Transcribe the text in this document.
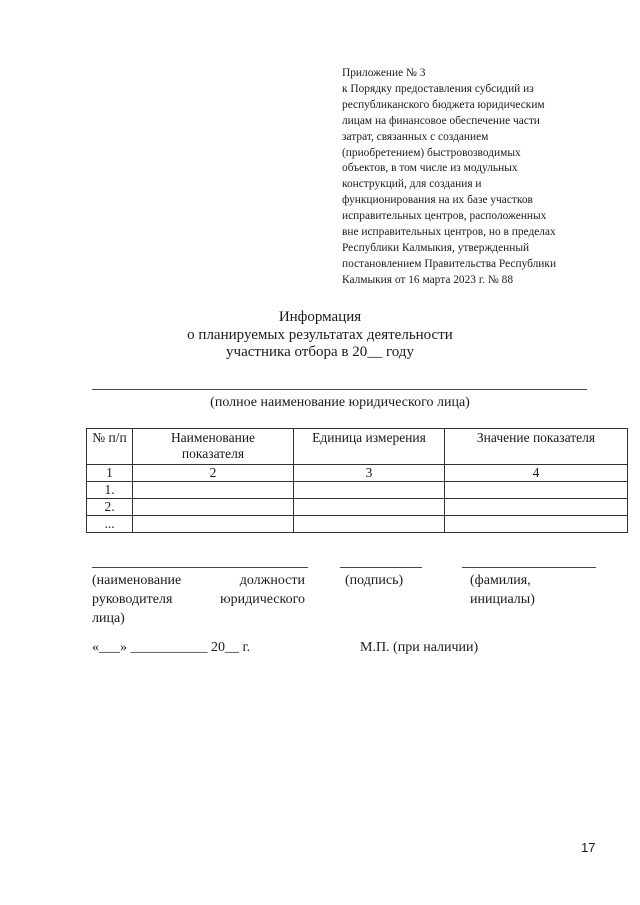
Приложение № 3
к Порядку предоставления субсидий из
республиканского бюджета юридическим
лицам на финансовое обеспечение части
затрат, связанных с созданием
(приобретением) быстровозводимых
объектов, в том числе из модульных
конструкций, для создания и
функционирования на их базе участков
исправительных центров, расположенных
вне исправительных центров, но в пределах
Республики Калмыкия, утвержденный
постановлением Правительства Республики
Калмыкия от 16 марта 2023 г. № 88
Информация
о планируемых результатах деятельности
участника отбора в 20__ году
(полное наименование юридического лица)
№ п/п	Наименование показателя	Единица измерения	Значение показателя
1	2	3	4
1.			
2.			
...			
(наименование	должности
руководителя	юридического
лица)
(подпись)	(фамилия,
инициалы)
«___» ___________ 20__ г.	М.П. (при наличии)
17
